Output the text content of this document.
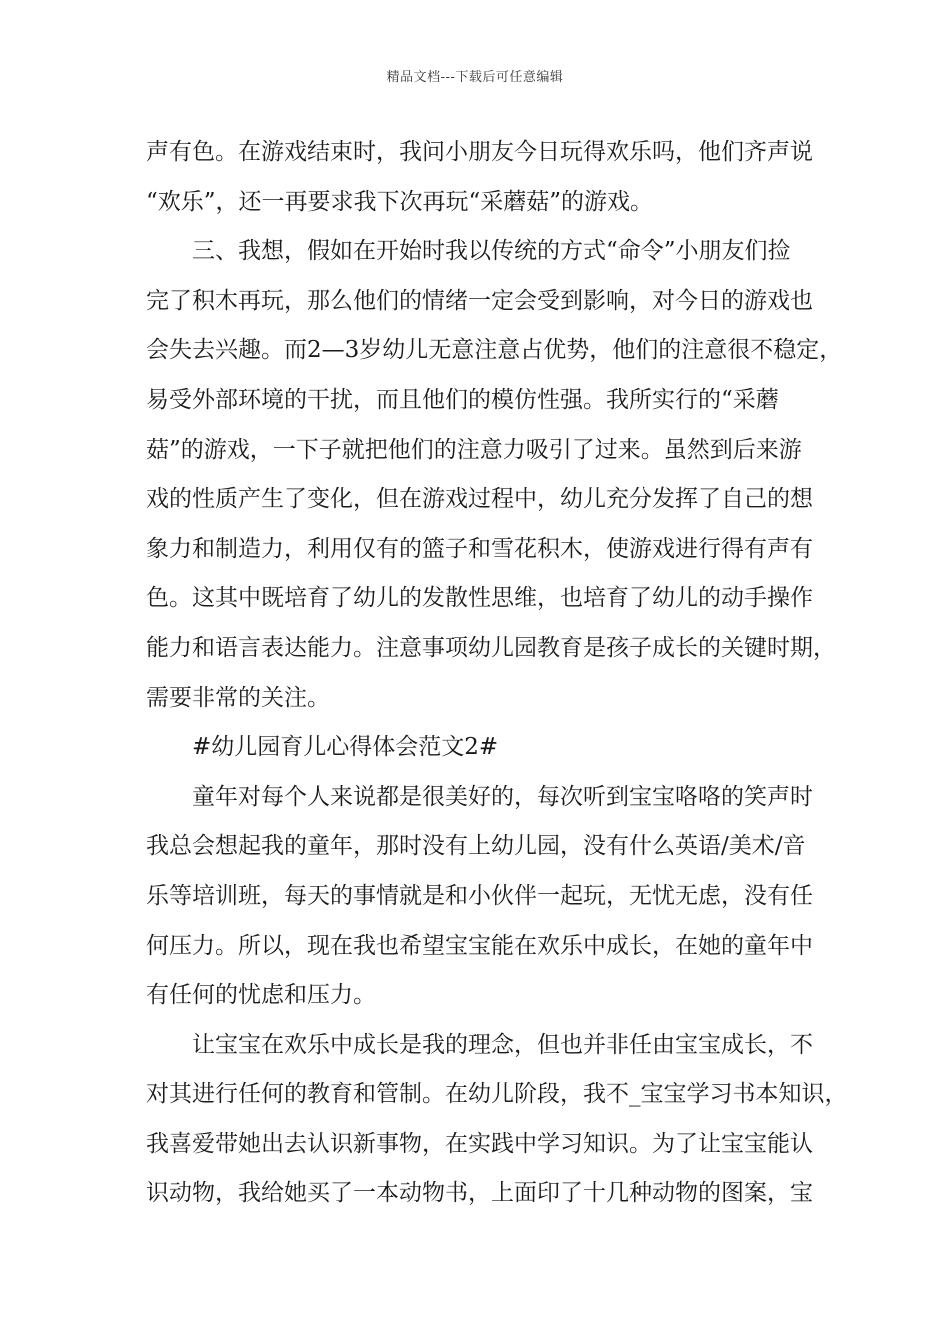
精品文档---下载后可任意编辑
声有色。在游戏结束时，我问小朋友今日玩得欢乐吗，他们齐声说
“欢乐”，还一再要求我下次再玩“采蘑菇”的游戏。
三、我想，假如在开始时我以传统的方式“命令”小朋友们捡
完了积木再玩，那么他们的情绪一定会受到影响，对今日的游戏也
会失去兴趣。而2—3岁幼儿无意注意占优势，他们的注意很不稳定，
易受外部环境的干扰，而且他们的模仿性强。我所实行的“采蘑
菇”的游戏，一下子就把他们的注意力吸引了过来。虽然到后来游
戏的性质产生了变化，但在游戏过程中，幼儿充分发挥了自己的想
象力和制造力，利用仅有的篮子和雪花积木，使游戏进行得有声有
色。这其中既培育了幼儿的发散性思维，也培育了幼儿的动手操作
能力和语言表达能力。注意事项幼儿园教育是孩子成长的关键时期，
需要非常的关注。
#幼儿园育儿心得体会范文2#
童年对每个人来说都是很美好的，每次听到宝宝咯咯的笑声时
我总会想起我的童年，那时没有上幼儿园，没有什么英语/美术/音
乐等培训班，每天的事情就是和小伙伴一起玩，无忧无虑，没有任
何压力。所以，现在我也希望宝宝能在欢乐中成长，在她的童年中
有任何的忧虑和压力。
让宝宝在欢乐中成长是我的理念，但也并非任由宝宝成长，不
对其进行任何的教育和管制。在幼儿阶段，我不_宝宝学习书本知识，
我喜爱带她出去认识新事物，在实践中学习知识。为了让宝宝能认
识动物，我给她买了一本动物书，上面印了十几种动物的图案，宝
